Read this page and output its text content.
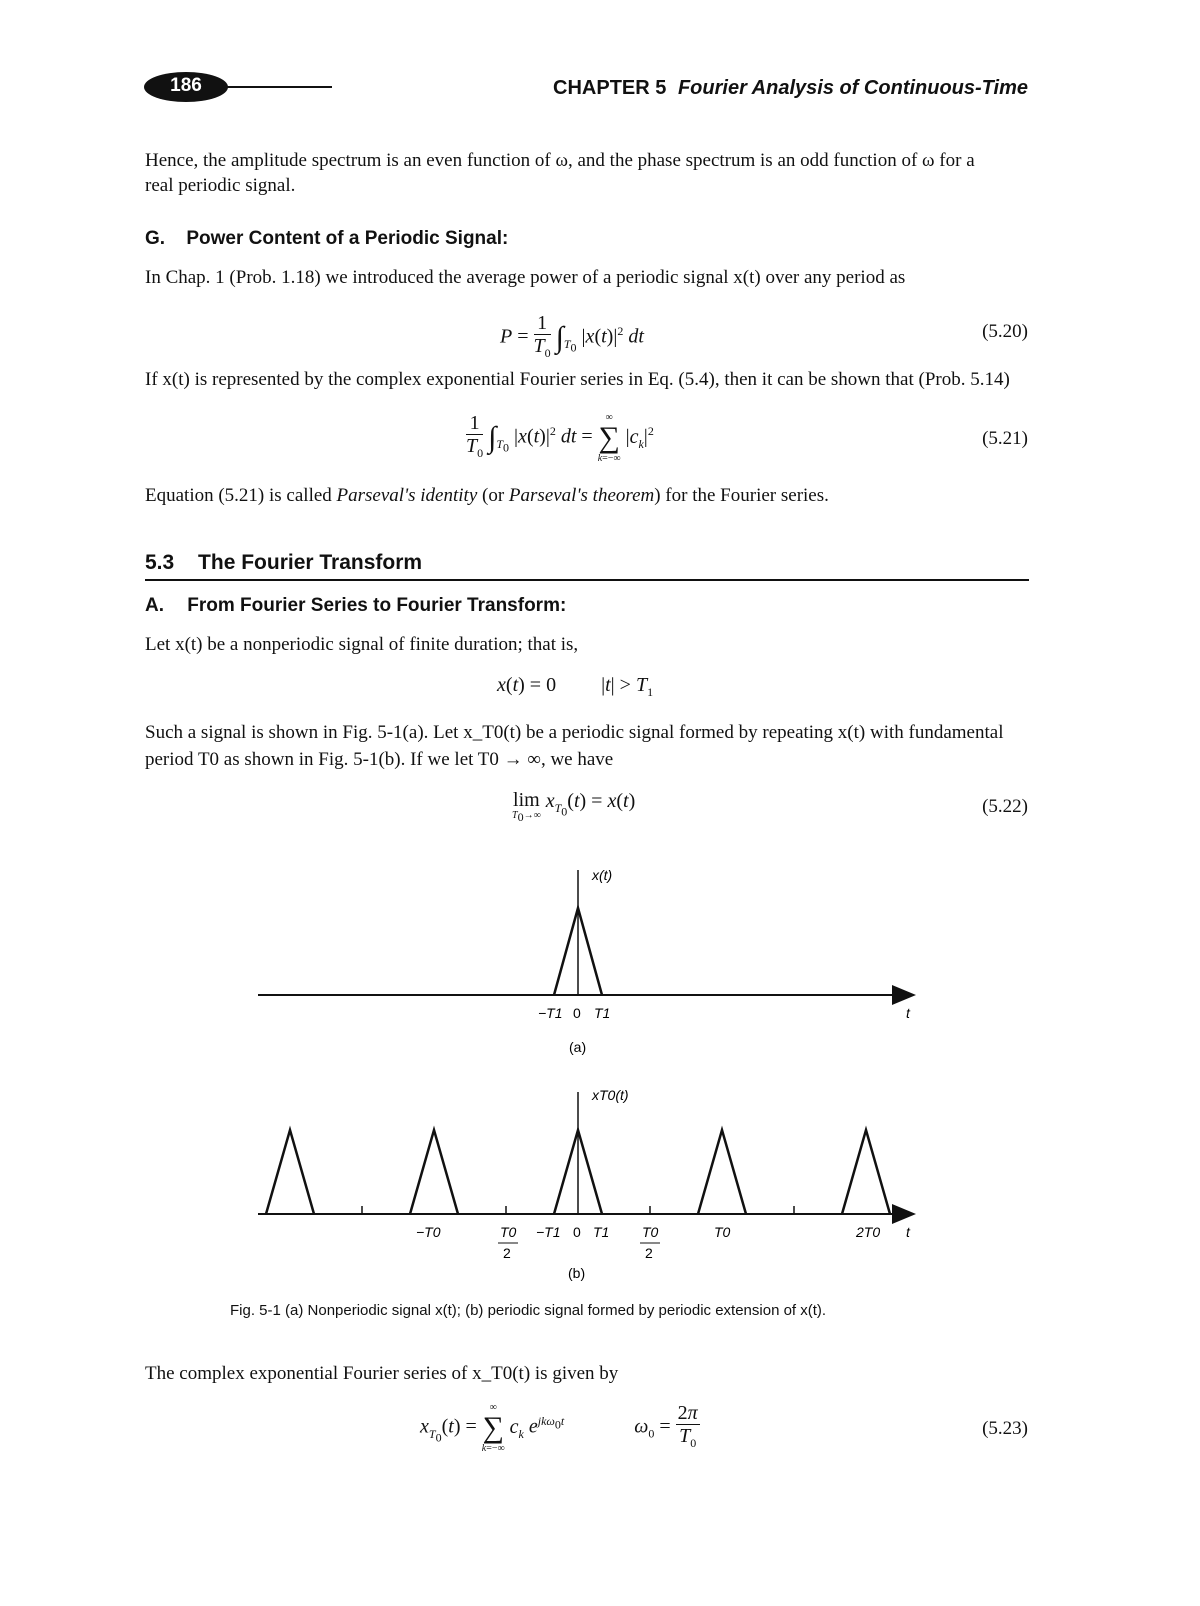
186	CHAPTER 5 Fourier Analysis of Continuous-Time
Hence, the amplitude spectrum is an even function of ω, and the phase spectrum is an odd function of ω for a
real periodic signal.
G. Power Content of a Periodic Signal:
In Chap. 1 (Prob. 1.18) we introduced the average power of a periodic signal x(t) over any period as
$P = \frac{1}{T_0} \int_{T_0}$ $|x(t)|^2$ dt	(5.20)
If x(t) is represented by the complex exponential Fourier series in Eq. (5.4), then it can be shown that (Prob. 5.14)
$\frac{1}{T_0} \int_{T_0}$ $|x(t)|^2$ dt =
∞
∑
k=−∞
$|c_k|^2$	(5.21)
Equation (5.21) is called Parseval's identity (or Parseval's theorem) for the Fourier series.
5.3 The Fourier Transform
A. From Fourier Series to Fourier Transform:
Let x(t) be a nonperiodic signal of finite duration; that is,
x(t) = 0         $|t| > T_1$
Such a signal is shown in Fig. 5-1(a). Let x_T0(t) be a periodic signal formed by repeating x(t) with fundamental
period T0 as shown in Fig. 5-1(b). If we let T0 → ∞, we have
lim
$T_0\to\infty$
$x_{T_0}(t) = x(t)$	(5.22)
x(t)
−T1 0 T1	t
(a)
xT0(t)
−T0	T0
2
−T1 0 T1 T0
2
T0	2T0 t
(b)
Fig. 5-1 (a) Nonperiodic signal x(t); (b) periodic signal formed by periodic extension of x(t).
The complex exponential Fourier series of x_T0(t) is given by
$x_{T_0}(t)$ =
∞
∑
k=−∞
$c_k$ $e^{jk\omega_0t}$	$\omega_0 = \frac{2\pi}{T_0}$	(5.23)
